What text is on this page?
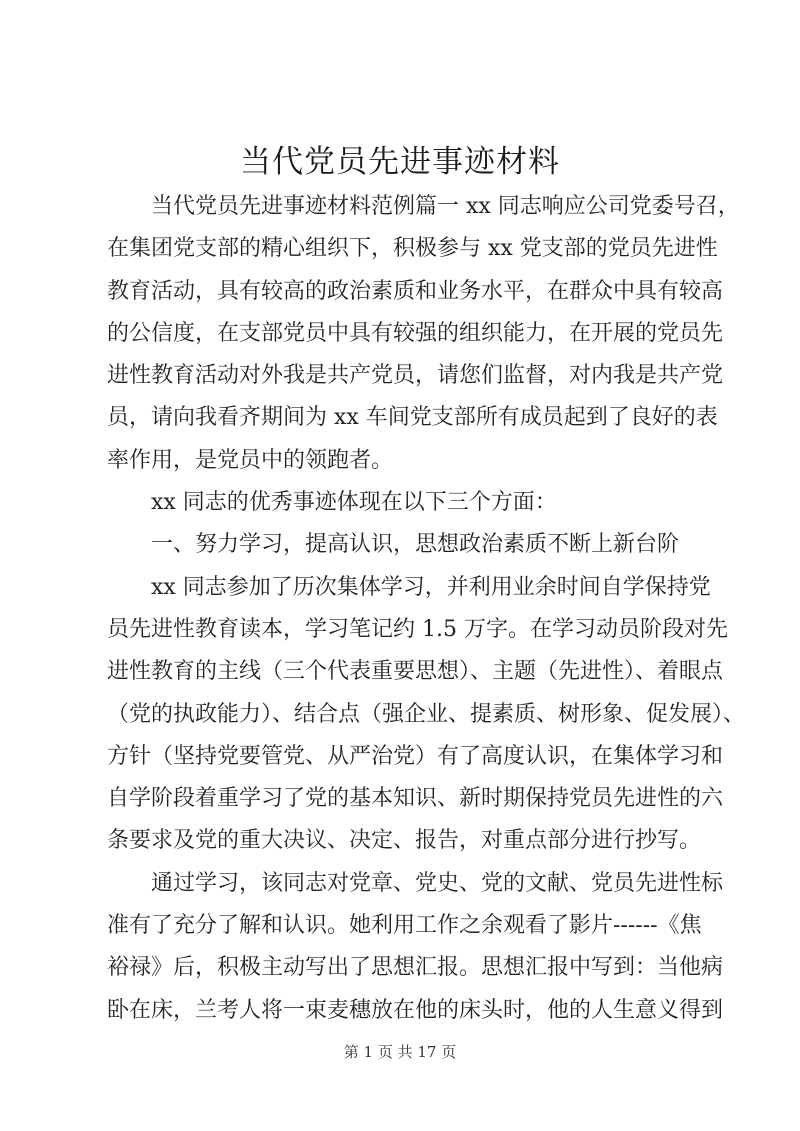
当代党员先进事迹材料
当代党员先进事迹材料范例篇一 xx 同志响应公司党委号召，
在集团党支部的精心组织下，积极参与 xx 党支部的党员先进性
教育活动，具有较高的政治素质和业务水平，在群众中具有较高
的公信度，在支部党员中具有较强的组织能力，在开展的党员先
进性教育活动对外我是共产党员，请您们监督，对内我是共产党
员，请向我看齐期间为 xx 车间党支部所有成员起到了良好的表
率作用，是党员中的领跑者。
xx 同志的优秀事迹体现在以下三个方面：
一、努力学习，提高认识，思想政治素质不断上新台阶
xx 同志参加了历次集体学习，并利用业余时间自学保持党
员先进性教育读本，学习笔记约 1.5 万字。在学习动员阶段对先
进性教育的主线（三个代表重要思想）、主题（先进性）、着眼点
（党的执政能力）、结合点（强企业、提素质、树形象、促发展）、
方针（坚持党要管党、从严治党）有了高度认识，在集体学习和
自学阶段着重学习了党的基本知识、新时期保持党员先进性的六
条要求及党的重大决议、决定、报告，对重点部分进行抄写。
通过学习，该同志对党章、党史、党的文献、党员先进性标
准有了充分了解和认识。她利用工作之余观看了影片------《焦
裕禄》后，积极主动写出了思想汇报。思想汇报中写到：当他病
卧在床，兰考人将一束麦穗放在他的床头时，他的人生意义得到
第 1 页 共 17 页
